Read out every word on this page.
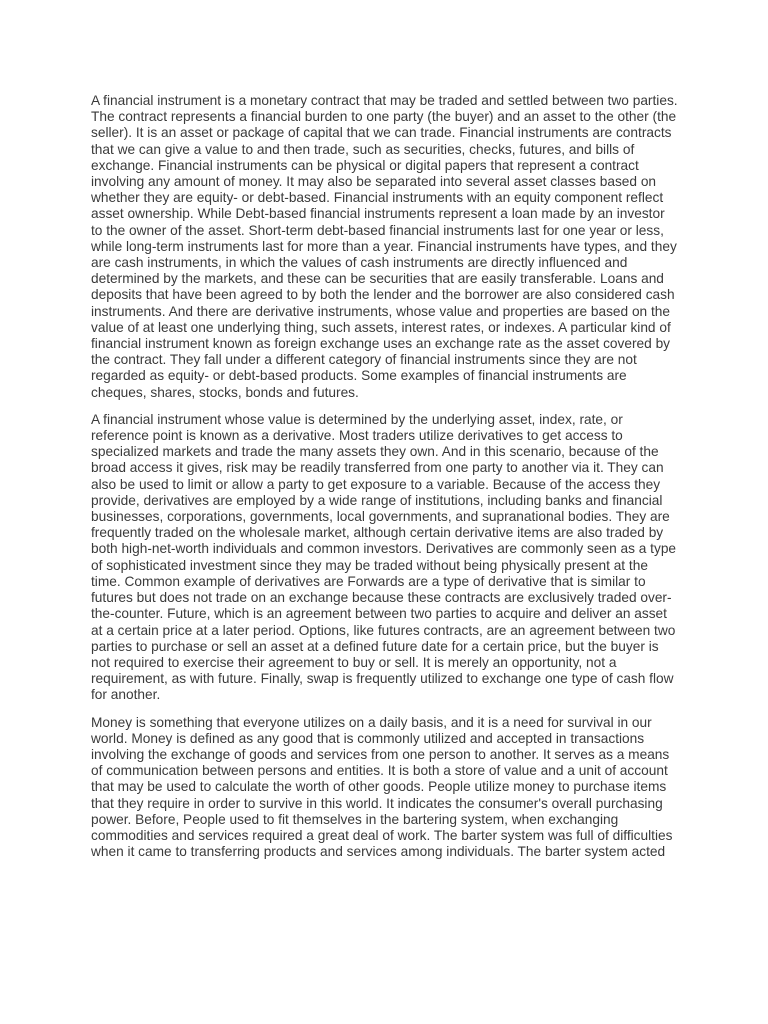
A financial instrument is a monetary contract that may be traded and settled between two parties. The contract represents a financial burden to one party (the buyer) and an asset to the other (the seller). It is an asset or package of capital that we can trade. Financial instruments are contracts that we can give a value to and then trade, such as securities, checks, futures, and bills of exchange. Financial instruments can be physical or digital papers that represent a contract involving any amount of money. It may also be separated into several asset classes based on whether they are equity- or debt-based. Financial instruments with an equity component reflect asset ownership. While Debt-based financial instruments represent a loan made by an investor to the owner of the asset. Short-term debt-based financial instruments last for one year or less, while long-term instruments last for more than a year. Financial instruments have types, and they are cash instruments, in which the values of cash instruments are directly influenced and determined by the markets, and these can be securities that are easily transferable. Loans and deposits that have been agreed to by both the lender and the borrower are also considered cash instruments. And there are derivative instruments, whose value and properties are based on the value of at least one underlying thing, such assets, interest rates, or indexes. A particular kind of financial instrument known as foreign exchange uses an exchange rate as the asset covered by the contract. They fall under a different category of financial instruments since they are not regarded as equity- or debt-based products. Some examples of financial instruments are cheques, shares, stocks, bonds and futures.

A financial instrument whose value is determined by the underlying asset, index, rate, or reference point is known as a derivative. Most traders utilize derivatives to get access to specialized markets and trade the many assets they own. And in this scenario, because of the broad access it gives, risk may be readily transferred from one party to another via it. They can also be used to limit or allow a party to get exposure to a variable. Because of the access they provide, derivatives are employed by a wide range of institutions, including banks and financial businesses, corporations, governments, local governments, and supranational bodies. They are frequently traded on the wholesale market, although certain derivative items are also traded by both high-net-worth individuals and common investors. Derivatives are commonly seen as a type of sophisticated investment since they may be traded without being physically present at the time. Common example of derivatives are Forwards are a type of derivative that is similar to futures but does not trade on an exchange because these contracts are exclusively traded over-the-counter. Future, which is an agreement between two parties to acquire and deliver an asset at a certain price at a later period. Options, like futures contracts, are an agreement between two parties to purchase or sell an asset at a defined future date for a certain price, but the buyer is not required to exercise their agreement to buy or sell. It is merely an opportunity, not a requirement, as with future. Finally, swap is frequently utilized to exchange one type of cash flow for another.

Money is something that everyone utilizes on a daily basis, and it is a need for survival in our world. Money is defined as any good that is commonly utilized and accepted in transactions involving the exchange of goods and services from one person to another. It serves as a means of communication between persons and entities. It is both a store of value and a unit of account that may be used to calculate the worth of other goods. People utilize money to purchase items that they require in order to survive in this world. It indicates the consumer's overall purchasing power. Before, People used to fit themselves in the bartering system, when exchanging commodities and services required a great deal of work. The barter system was full of difficulties when it came to transferring products and services among individuals. The barter system acted
